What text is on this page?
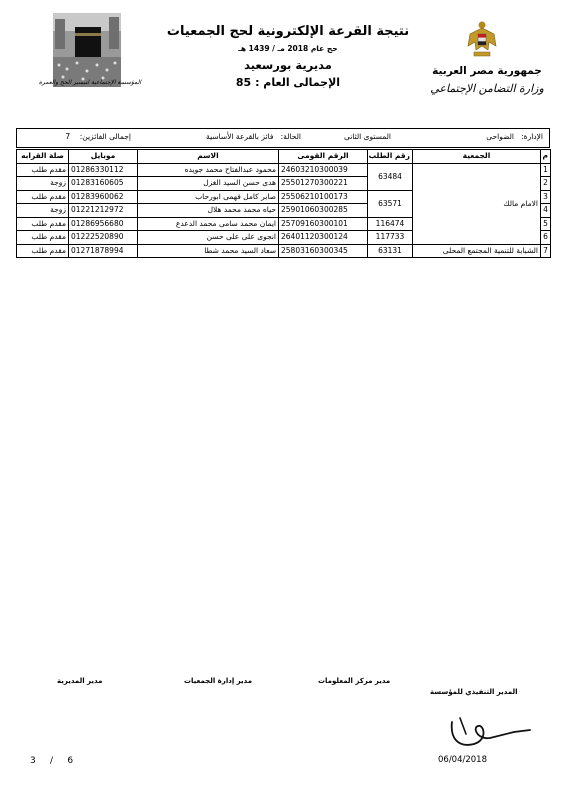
المؤسسة الإجتماعية لتيسير الحج والعمرة
جمهورية مصر العربية
وزارة التضامن الإجتماعي
نتيجة القرعة الإلكترونية لحج الجمعيات
حج عام 2018 مـ / 1439 هـ
مديرية بورسعيد
الإجمالى العام : 85
الإدارة:   الضواحى
المستوى الثانى
الحالة:   فائز بالقرعة الأساسية
إجمالى الفائزين:    7
م	الجمعية	رقم الطلب	الرقم القومى	الاسم	موبايل	صلة القرابه
1	الامام مالك	63484	24603210300039	محمود عبدالفتاح محمد جويده	01286330112	مقدم طلب
2			25501270300221	هدى حسن السيد الغزل	01283160605	زوجة
3		63571	25506210100173	صابر كامل فهمى ابورحاب	01283960062	مقدم طلب
4			25901060300285	حياه محمد محمد هلال	01221212972	زوجة
5		116474	25709160300101	ايمان محمد سامى محمد الدعدع	01286956680	مقدم طلب
6		117733	26401120300124	انجوى على على حسن	01222520890	مقدم طلب
7	الشبابة للتنمية المجتمع المحلى	63131	25803160300345	سعاد السيد محمد شطا	01271878994	مقدم طلب
مدير المديرية	مدير إدارة الجمعيات	مدير مركز المعلومات
المدير التنفيذي للمؤسسة
3 / 6	06/04/2018
